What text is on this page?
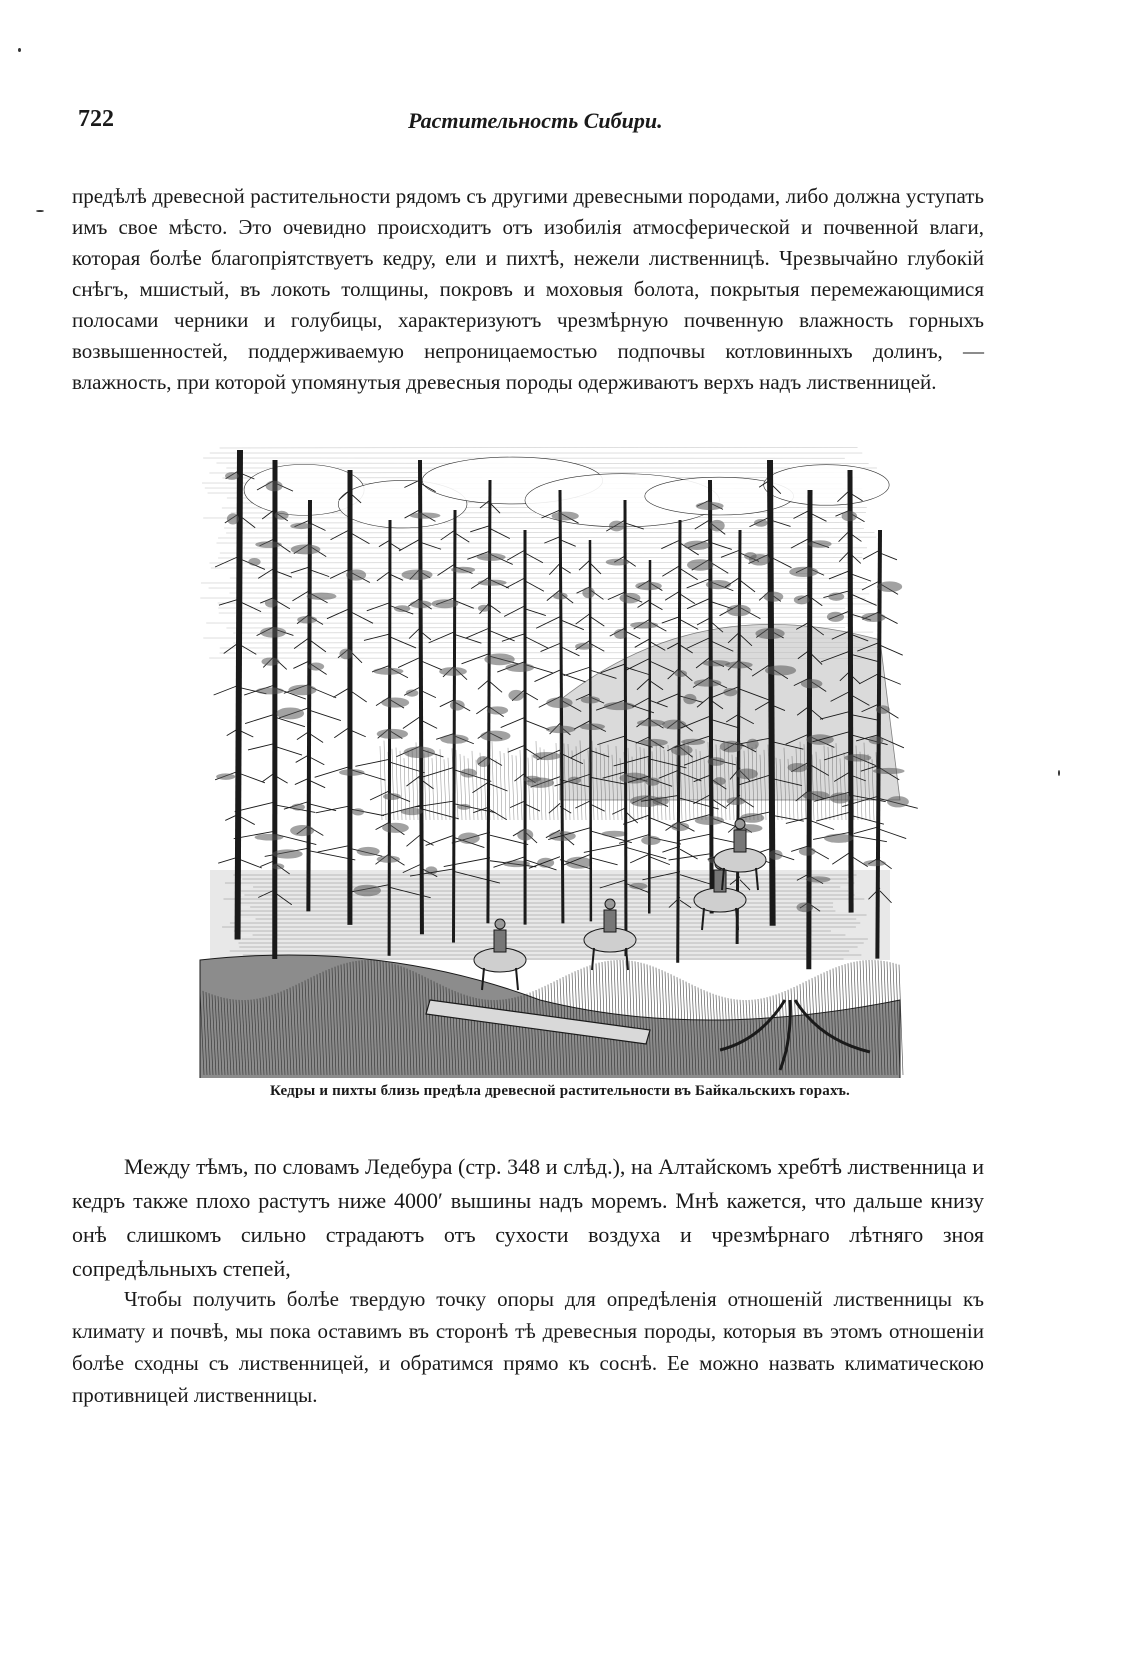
722	Растительность Сибири.

предѣлѣ древесной растительности рядомъ съ другими древесными породами, либо должна уступать имъ свое мѣсто. Это очевидно происходитъ отъ изобилія атмосферической и почвенной влаги, которая болѣе благопріятствуетъ кедру, ели и пихтѣ, нежели лиственницѣ. Чрезвычайно глубокій снѣгъ, мшистый, въ локоть толщины, покровъ и моховыя болота, покрытыя перемежающимися полосами черники и голубицы, характеризуютъ чрезмѣрную почвенную влажность горныхъ возвышенностей, поддерживаемую непроницаемостью подпочвы котловинныхъ долинъ, — влажность, при которой упомянутыя древесныя породы одерживаютъ верхъ надъ лиственницей.

Кедры и пихты близь предѣла древесной растительности въ Байкальскихъ горахъ.

Между тѣмъ, по словамъ Ледебура (стр. 348 и слѣд.), на Алтайскомъ хребтѣ лиственница и кедръ также плохо растутъ ниже 4000′ вышины надъ моремъ. Мнѣ кажется, что дальше книзу онѣ слишкомъ сильно страдаютъ отъ сухости воздуха и чрезмѣрнаго лѣтняго зноя сопредѣльныхъ степей,

Чтобы получить болѣе твердую точку опоры для опредѣленія отношеній лиственницы къ климату и почвѣ, мы пока оставимъ въ сторонѣ тѣ древесныя породы, которыя въ этомъ отношеніи болѣе сходны съ лиственницей, и обратимся прямо къ соснѣ. Ее можно назвать климатическою противницей лиственницы.
